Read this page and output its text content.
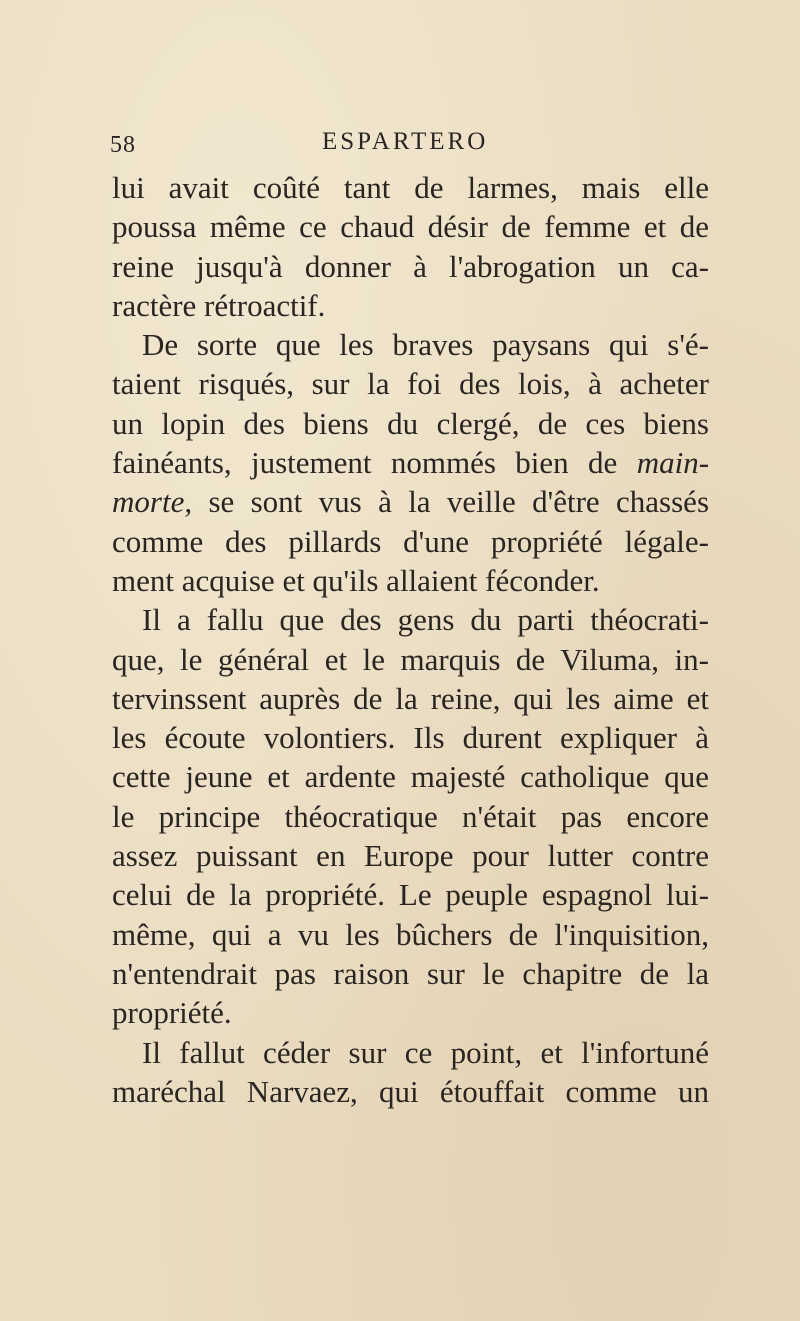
58	ESPARTERO
lui avait coûté tant de larmes, mais elle
poussa même ce chaud désir de femme et de
reine jusqu'à donner à l'abrogation un ca-
ractère rétroactif.
De sorte que les braves paysans qui s'é-
taient risqués, sur la foi des lois, à acheter
un lopin des biens du clergé, de ces biens
fainéants, justement nommés bien de main-
morte, se sont vus à la veille d'être chassés
comme des pillards d'une propriété légale-
ment acquise et qu'ils allaient féconder.
Il a fallu que des gens du parti théocrati-
que, le général et le marquis de Viluma, in-
tervinssent auprès de la reine, qui les aime et
les écoute volontiers. Ils durent expliquer à
cette jeune et ardente majesté catholique que
le principe théocratique n'était pas encore
assez puissant en Europe pour lutter contre
celui de la propriété. Le peuple espagnol lui-
même, qui a vu les bûchers de l'inquisition,
n'entendrait pas raison sur le chapitre de la
propriété.
Il fallut céder sur ce point, et l'infortuné
maréchal Narvaez, qui étouffait comme un
